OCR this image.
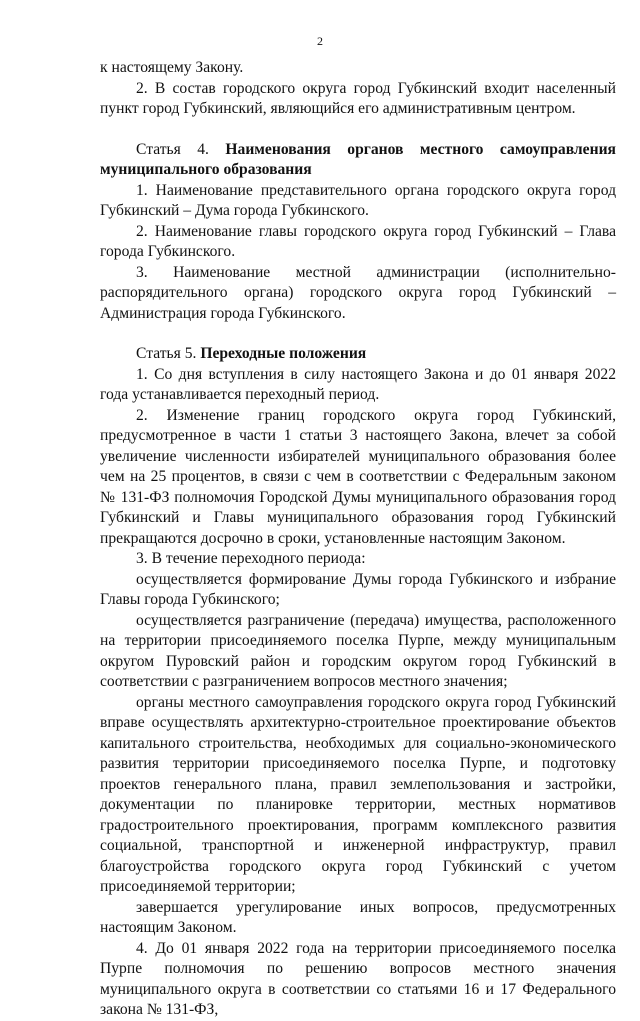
2

к настоящему Закону.

2. В состав городского округа город Губкинский входит населенный пункт город Губкинский, являющийся его административным центром.

Статья 4. Наименования органов местного самоуправления муниципального образования

1. Наименование представительного органа городского округа город Губкинский – Дума города Губкинского.

2. Наименование главы городского округа город Губкинский – Глава города Губкинского.

3. Наименование местной администрации (исполнительно-распорядительного органа) городского округа город Губкинский – Администрация города Губкинского.

Статья 5. Переходные положения

1. Со дня вступления в силу настоящего Закона и до 01 января 2022 года устанавливается переходный период.

2. Изменение границ городского округа город Губкинский, предусмотренное в части 1 статьи 3 настоящего Закона, влечет за собой увеличение численности избирателей муниципального образования более чем на 25 процентов, в связи с чем в соответствии с Федеральным законом № 131-ФЗ полномочия Городской Думы муниципального образования город Губкинский и Главы муниципального образования город Губкинский прекращаются досрочно в сроки, установленные настоящим Законом.

3. В течение переходного периода:

осуществляется формирование Думы города Губкинского и избрание Главы города Губкинского;

осуществляется разграничение (передача) имущества, расположенного на территории присоединяемого поселка Пурпе, между муниципальным округом Пуровский район и городским округом город Губкинский в соответствии с разграничением вопросов местного значения;

органы местного самоуправления городского округа город Губкинский вправе осуществлять архитектурно-строительное проектирование объектов капитального строительства, необходимых для социально-экономического развития территории присоединяемого поселка Пурпе, и подготовку проектов генерального плана, правил землепользования и застройки, документации по планировке территории, местных нормативов градостроительного проектирования, программ комплексного развития социальной, транспортной и инженерной инфраструктур, правил благоустройства городского округа город Губкинский с учетом присоединяемой территории;

завершается урегулирование иных вопросов, предусмотренных настоящим Законом.

4. До 01 января 2022 года на территории присоединяемого поселка Пурпе полномочия по решению вопросов местного значения муниципального округа в соответствии со статьями 16 и 17 Федерального закона № 131-ФЗ,
